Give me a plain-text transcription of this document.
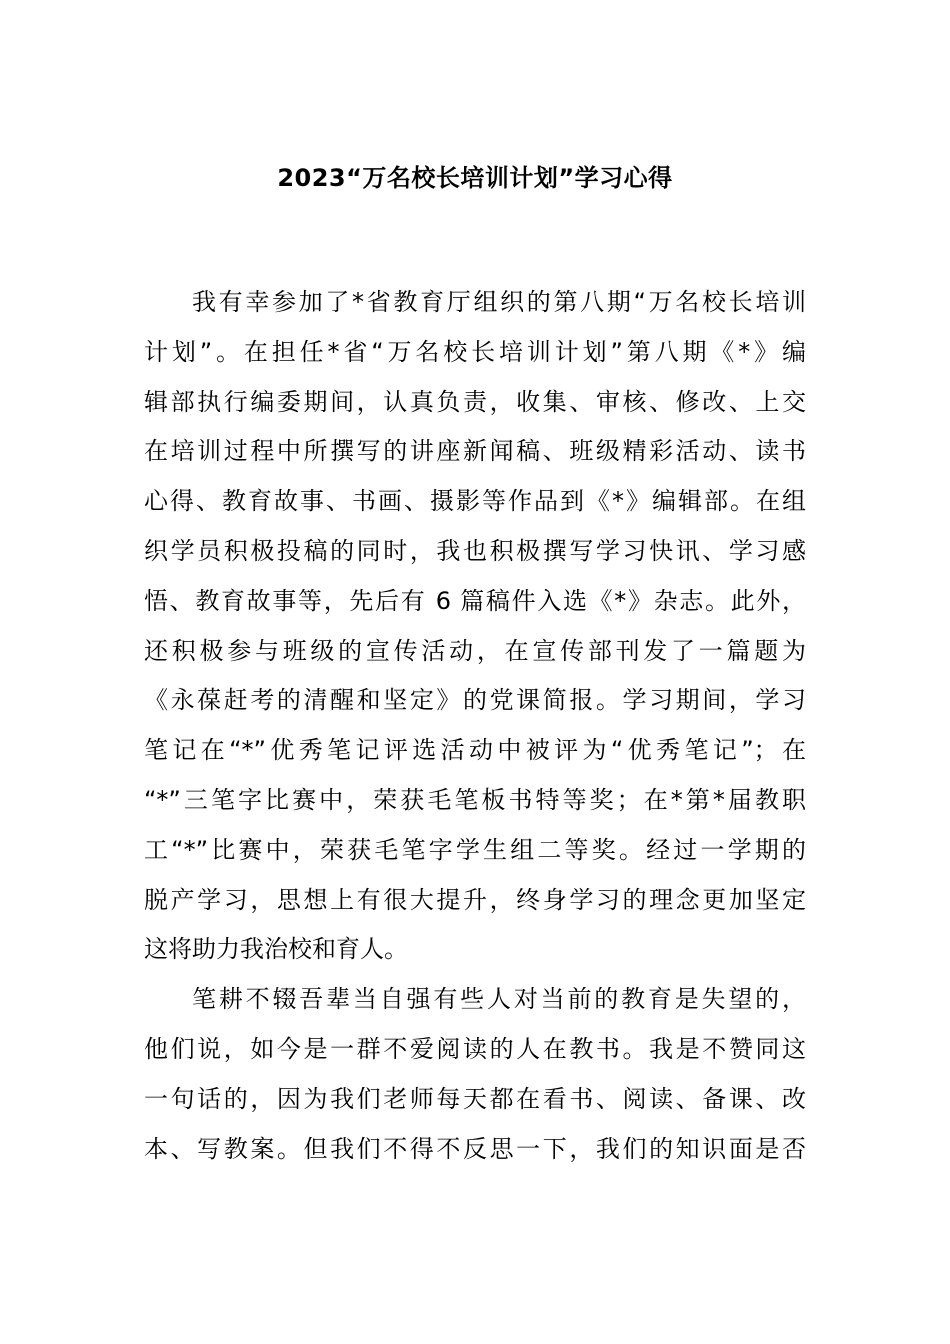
2023“万名校长培训计划”学习心得
我有幸参加了*省教育厅组织的第八期“万名校长培训
计划”。在担任*省“万名校长培训计划”第八期《*》编
辑部执行编委期间，认真负责，收集、审核、修改、上交
在培训过程中所撰写的讲座新闻稿、班级精彩活动、读书
心得、教育故事、书画、摄影等作品到《*》编辑部。在组
织学员积极投稿的同时，我也积极撰写学习快讯、学习感
悟、教育故事等，先后有 6 篇稿件入选《*》杂志。此外，
还积极参与班级的宣传活动，在宣传部刊发了一篇题为
《永葆赶考的清醒和坚定》的党课简报。学习期间，学习
笔记在“*”优秀笔记评选活动中被评为“优秀笔记”；在
“*”三笔字比赛中，荣获毛笔板书特等奖；在*第*届教职
工“*”比赛中，荣获毛笔字学生组二等奖。经过一学期的
脱产学习，思想上有很大提升，终身学习的理念更加坚定
这将助力我治校和育人。
笔耕不辍吾辈当自强有些人对当前的教育是失望的，
他们说，如今是一群不爱阅读的人在教书。我是不赞同这
一句话的，因为我们老师每天都在看书、阅读、备课、改
本、写教案。但我们不得不反思一下，我们的知识面是否
